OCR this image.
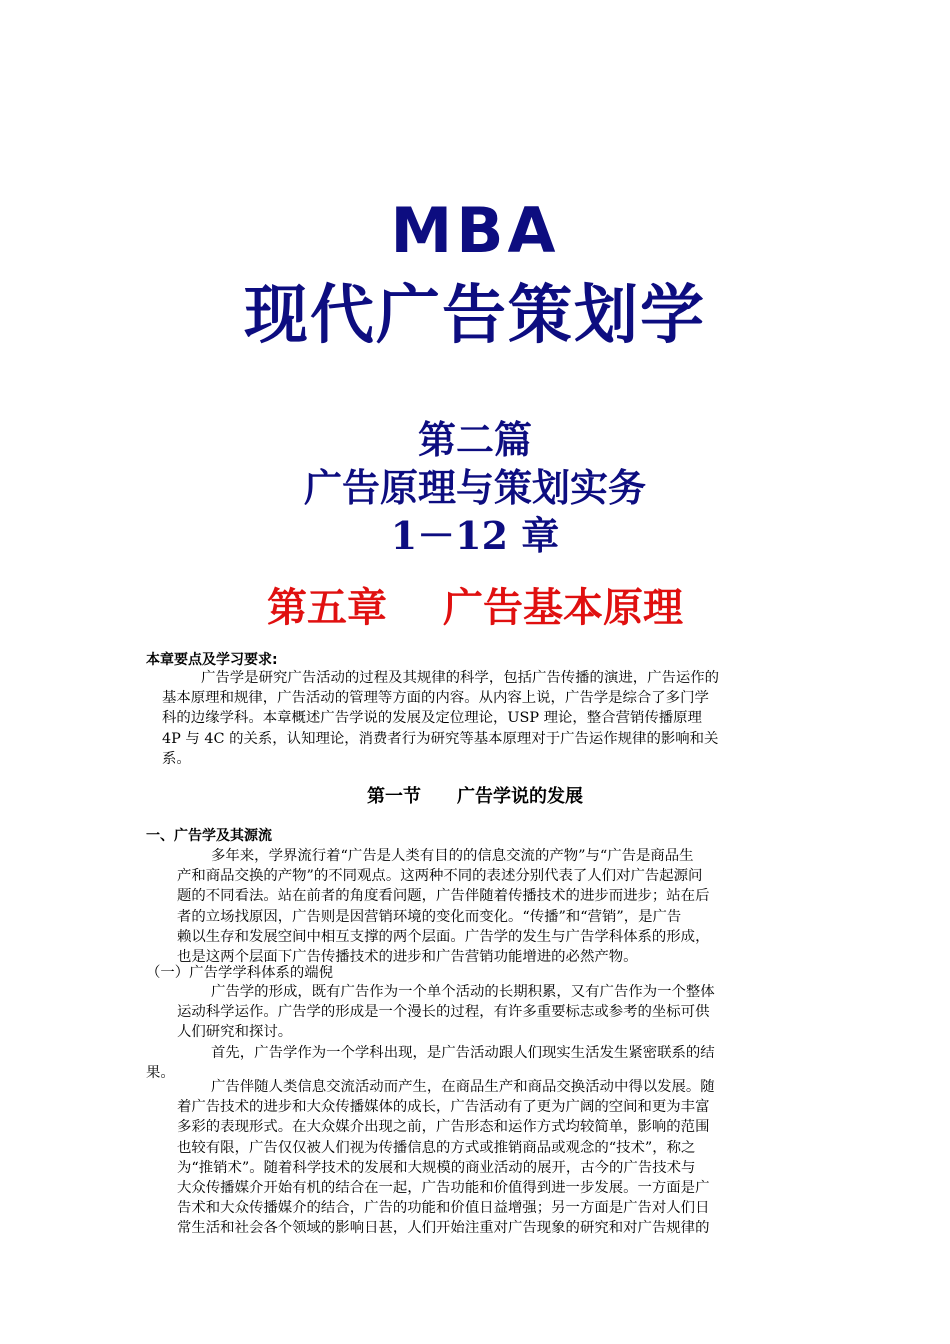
MBA
现代广告策划学
第二篇
广告原理与策划实务
1－12 章
第五章 广告基本原理
本章要点及学习要求:
广告学是研究广告活动的过程及其规律的科学，包括广告传播的演进，广告运作的
基本原理和规律，广告活动的管理等方面的内容。从内容上说，广告学是综合了多门学
科的边缘学科。本章概述广告学说的发展及定位理论，USP 理论，整合营销传播原理
4P 与 4C 的关系，认知理论，消费者行为研究等基本原理对于广告运作规律的影响和关
系。
第一节 广告学说的发展
一、广告学及其源流
多年来，学界流行着“广告是人类有目的的信息交流的产物”与“广告是商品生
产和商品交换的产物”的不同观点。这两种不同的表述分别代表了人们对广告起源问
题的不同看法。站在前者的角度看问题，广告伴随着传播技术的进步而进步；站在后
者的立场找原因，广告则是因营销环境的变化而变化。“传播”和“营销”，是广告
赖以生存和发展空间中相互支撑的两个层面。广告学的发生与广告学科体系的形成，
也是这两个层面下广告传播技术的进步和广告营销功能增进的必然产物。
（一）广告学学科体系的端倪
广告学的形成，既有广告作为一个单个活动的长期积累，又有广告作为一个整体
运动科学运作。广告学的形成是一个漫长的过程，有许多重要标志或参考的坐标可供
人们研究和探讨。
首先，广告学作为一个学科出现，是广告活动跟人们现实生活发生紧密联系的结
果。
广告伴随人类信息交流活动而产生，在商品生产和商品交换活动中得以发展。随
着广告技术的进步和大众传播媒体的成长，广告活动有了更为广阔的空间和更为丰富
多彩的表现形式。在大众媒介出现之前，广告形态和运作方式均较简单，影响的范围
也较有限，广告仅仅被人们视为传播信息的方式或推销商品或观念的“技术”，称之
为“推销术”。随着科学技术的发展和大规模的商业活动的展开，古今的广告技术与
大众传播媒介开始有机的结合在一起，广告功能和价值得到进一步发展。一方面是广
告术和大众传播媒介的结合，广告的功能和价值日益增强；另一方面是广告对人们日
常生活和社会各个领域的影响日甚，人们开始注重对广告现象的研究和对广告规律的
